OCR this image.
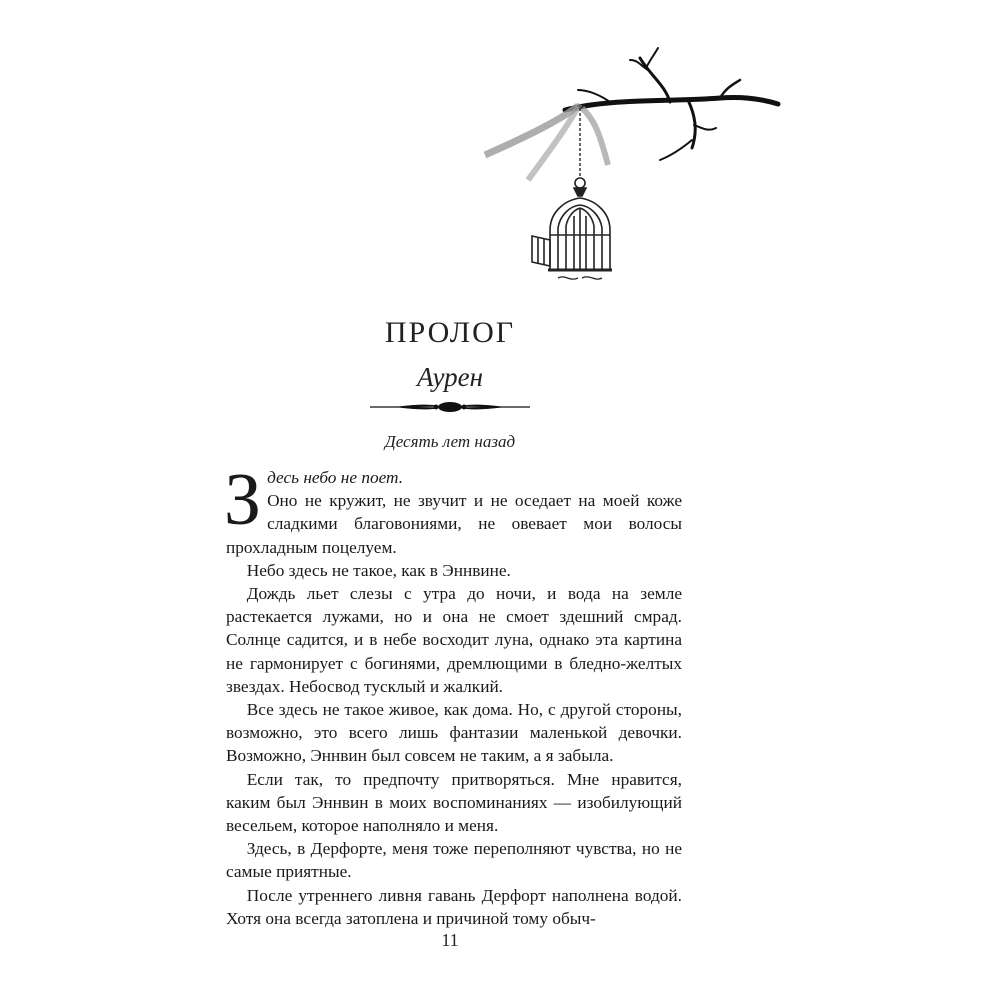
ПРОЛОГ
Аурен
Десять лет назад

Здесь небо не поет.
Оно не кружит, не звучит и не оседает на моей коже сладкими благовониями, не овевает мои волосы прохладным поцелуем.

Небо здесь не такое, как в Эннвине.

Дождь льет слезы с утра до ночи, и вода на земле растекается лужами, но и она не смоет здешний смрад. Солнце садится, и в небе восходит луна, однако эта картина не гармонирует с богинями, дремлющими в бледно-желтых звездах. Небосвод тусклый и жалкий.

Все здесь не такое живое, как дома. Но, с другой стороны, возможно, это всего лишь фантазии маленькой девочки. Возможно, Эннвин был совсем не таким, а я забыла.

Если так, то предпочту притворяться. Мне нравится, каким был Эннвин в моих воспоминаниях — изобилующий весельем, которое наполняло и меня.

Здесь, в Дерфорте, меня тоже переполняют чувства, но не самые приятные.

После утреннего ливня гавань Дерфорт наполнена водой. Хотя она всегда затоплена и причиной тому обыч-

11
